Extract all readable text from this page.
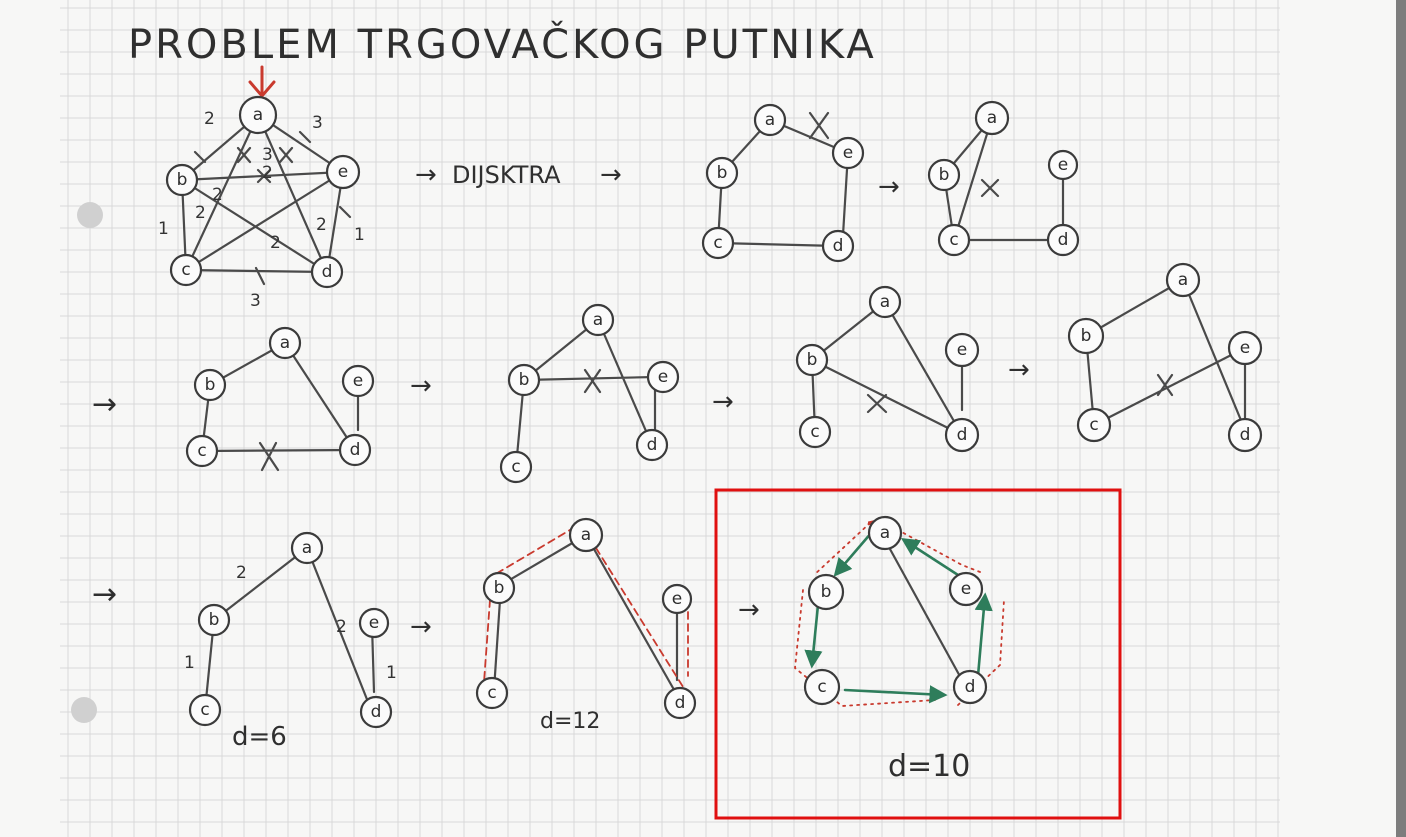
PROBLEM TRGOVAČKOG PUTNIKA
2	3
3
2
2
2
2
1
2
1
3
a
b	e
c	d
→ DIJSKTRA →
a
e
b
c	d
→
a
b	e
c	d
→
a
b	e
c	d
→
a
b	e
c
d
→
a
b	e
c	d
→
a
b
e
c	d
→
2
1
2
1
a
b	e
c	d
d=6
→
a
b
e
c	d
d=12
→
a
b	e
c	d
d=10
